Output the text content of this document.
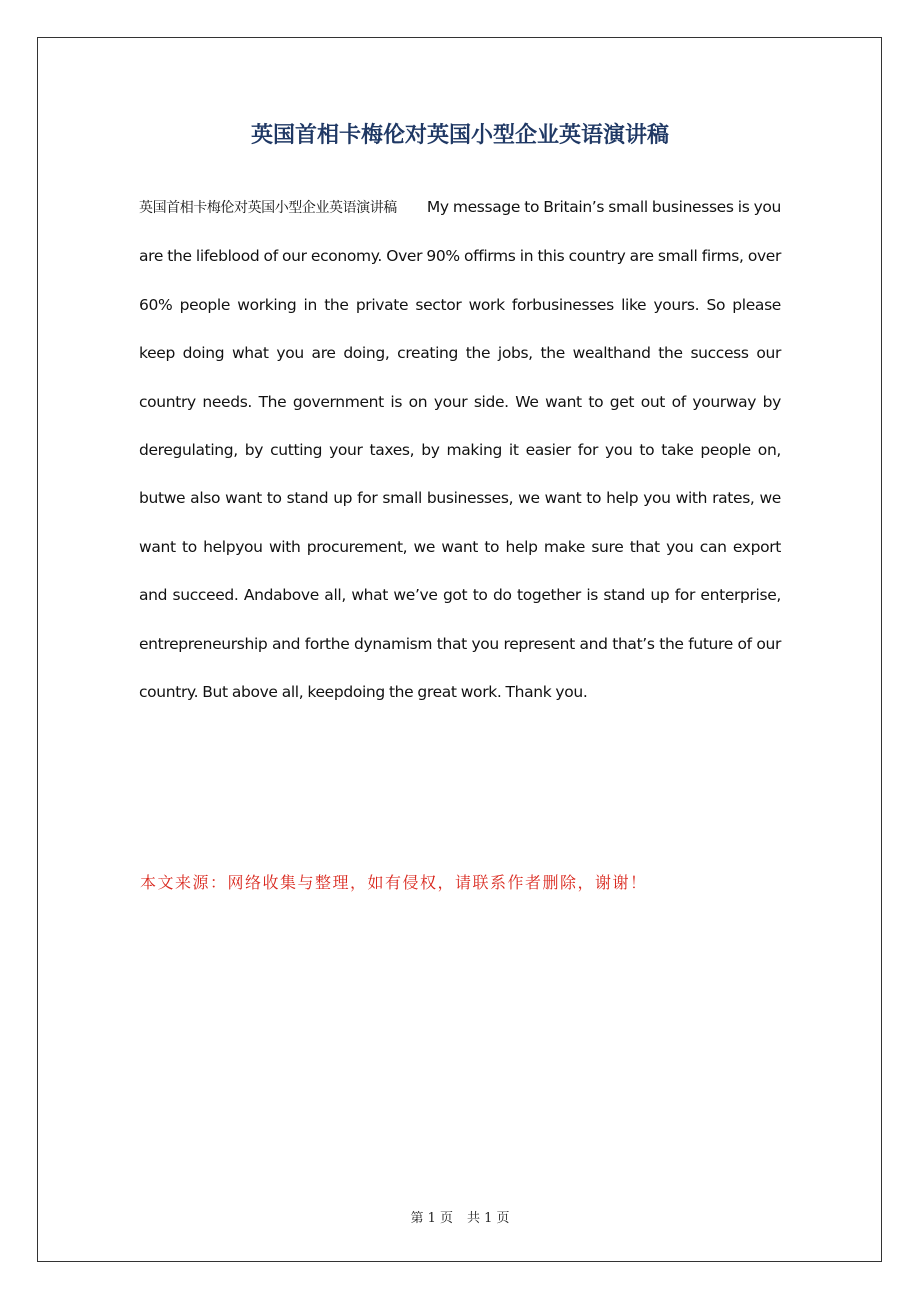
英国首相卡梅伦对英国小型企业英语演讲稿

英国首相卡梅伦对英国小型企业英语演讲稿 My message to Britain’s small businesses is you are the lifeblood of our economy. Over 90% offirms in this country are small firms, over 60% people working in the private sector work forbusinesses like yours. So please keep doing what you are doing, creating the jobs, the wealthand the success our country needs. The government is on your side. We want to get out of yourway by deregulating, by cutting your taxes, by making it easier for you to take people on, butwe also want to stand up for small businesses, we want to help you with rates, we want to helpyou with procurement, we want to help make sure that you can export and succeed. Andabove all, what we’ve got to do together is stand up for enterprise, entrepreneurship and forthe dynamism that you represent and that’s the future of our country. But above all, keepdoing the great work. Thank you.

本文来源：网络收集与整理，如有侵权，请联系作者删除，谢谢！
第 1 页 共 1 页
